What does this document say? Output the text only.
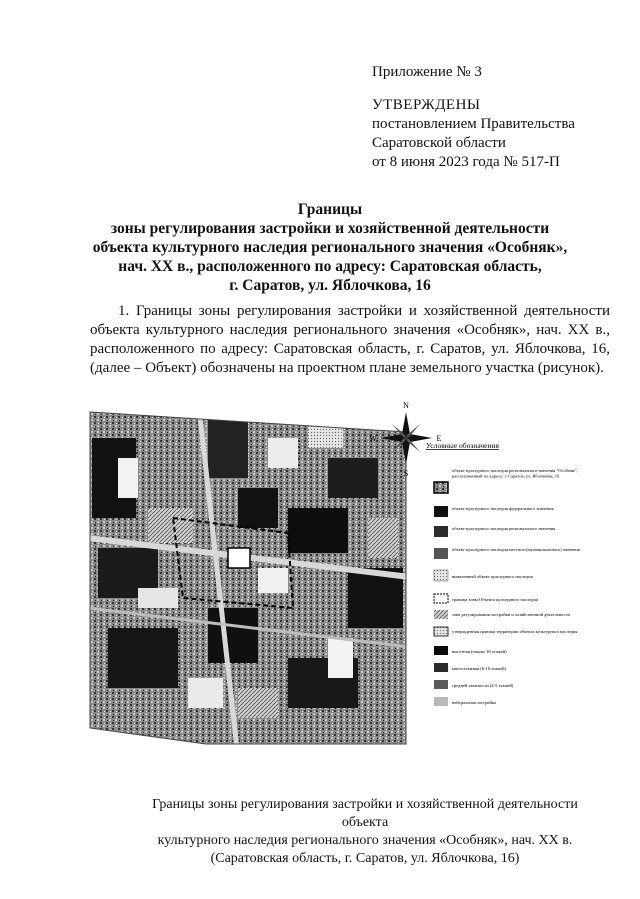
Приложение № 3
УТВЕРЖДЕНЫ
постановлением Правительства
Саратовской области
от 8 июня 2023 года № 517-П
Границы
зоны регулирования застройки и хозяйственной деятельности
объекта культурного наследия регионального значения «Особняк»,
нач. XX в., расположенного по адресу: Саратовская область,
г. Саратов, ул. Яблочкова, 16
1. Границы зоны регулирования застройки и хозяйственной деятельности объекта культурного наследия регионального значения «Особняк», нач. XX в., расположенного по адресу: Саратовская область, г. Саратов, ул. Яблочкова, 16, (далее – Объект) обозначены на проектном плане земельного участка (рисунок).
N
S
E
W
Условные обозначения
объект культурного наследия регионального значения "Особняк", расположенный по адресу: г. Саратов, ул. Яблочкова, 16
объект культурного наследия федерального значения
объект культурного наследия регионального значения
объект культурного наследия местного(муниципального) значения
выявленный объект культурного наследия
граница зоны Объекта культурного наследия
зона регулирования застройки и хозяйственной деятельности
утвержденная граница территории объекта культурного наследия
высотная (свыше 10 этажей)
многоэтажная (6-10 этажей)
средней этажности (4-5 этажей)
нейтральная застройка
Границы зоны регулирования застройки и хозяйственной деятельности объекта
культурного наследия регионального значения «Особняк», нач. XX в.
(Саратовская область, г. Саратов, ул. Яблочкова, 16)
